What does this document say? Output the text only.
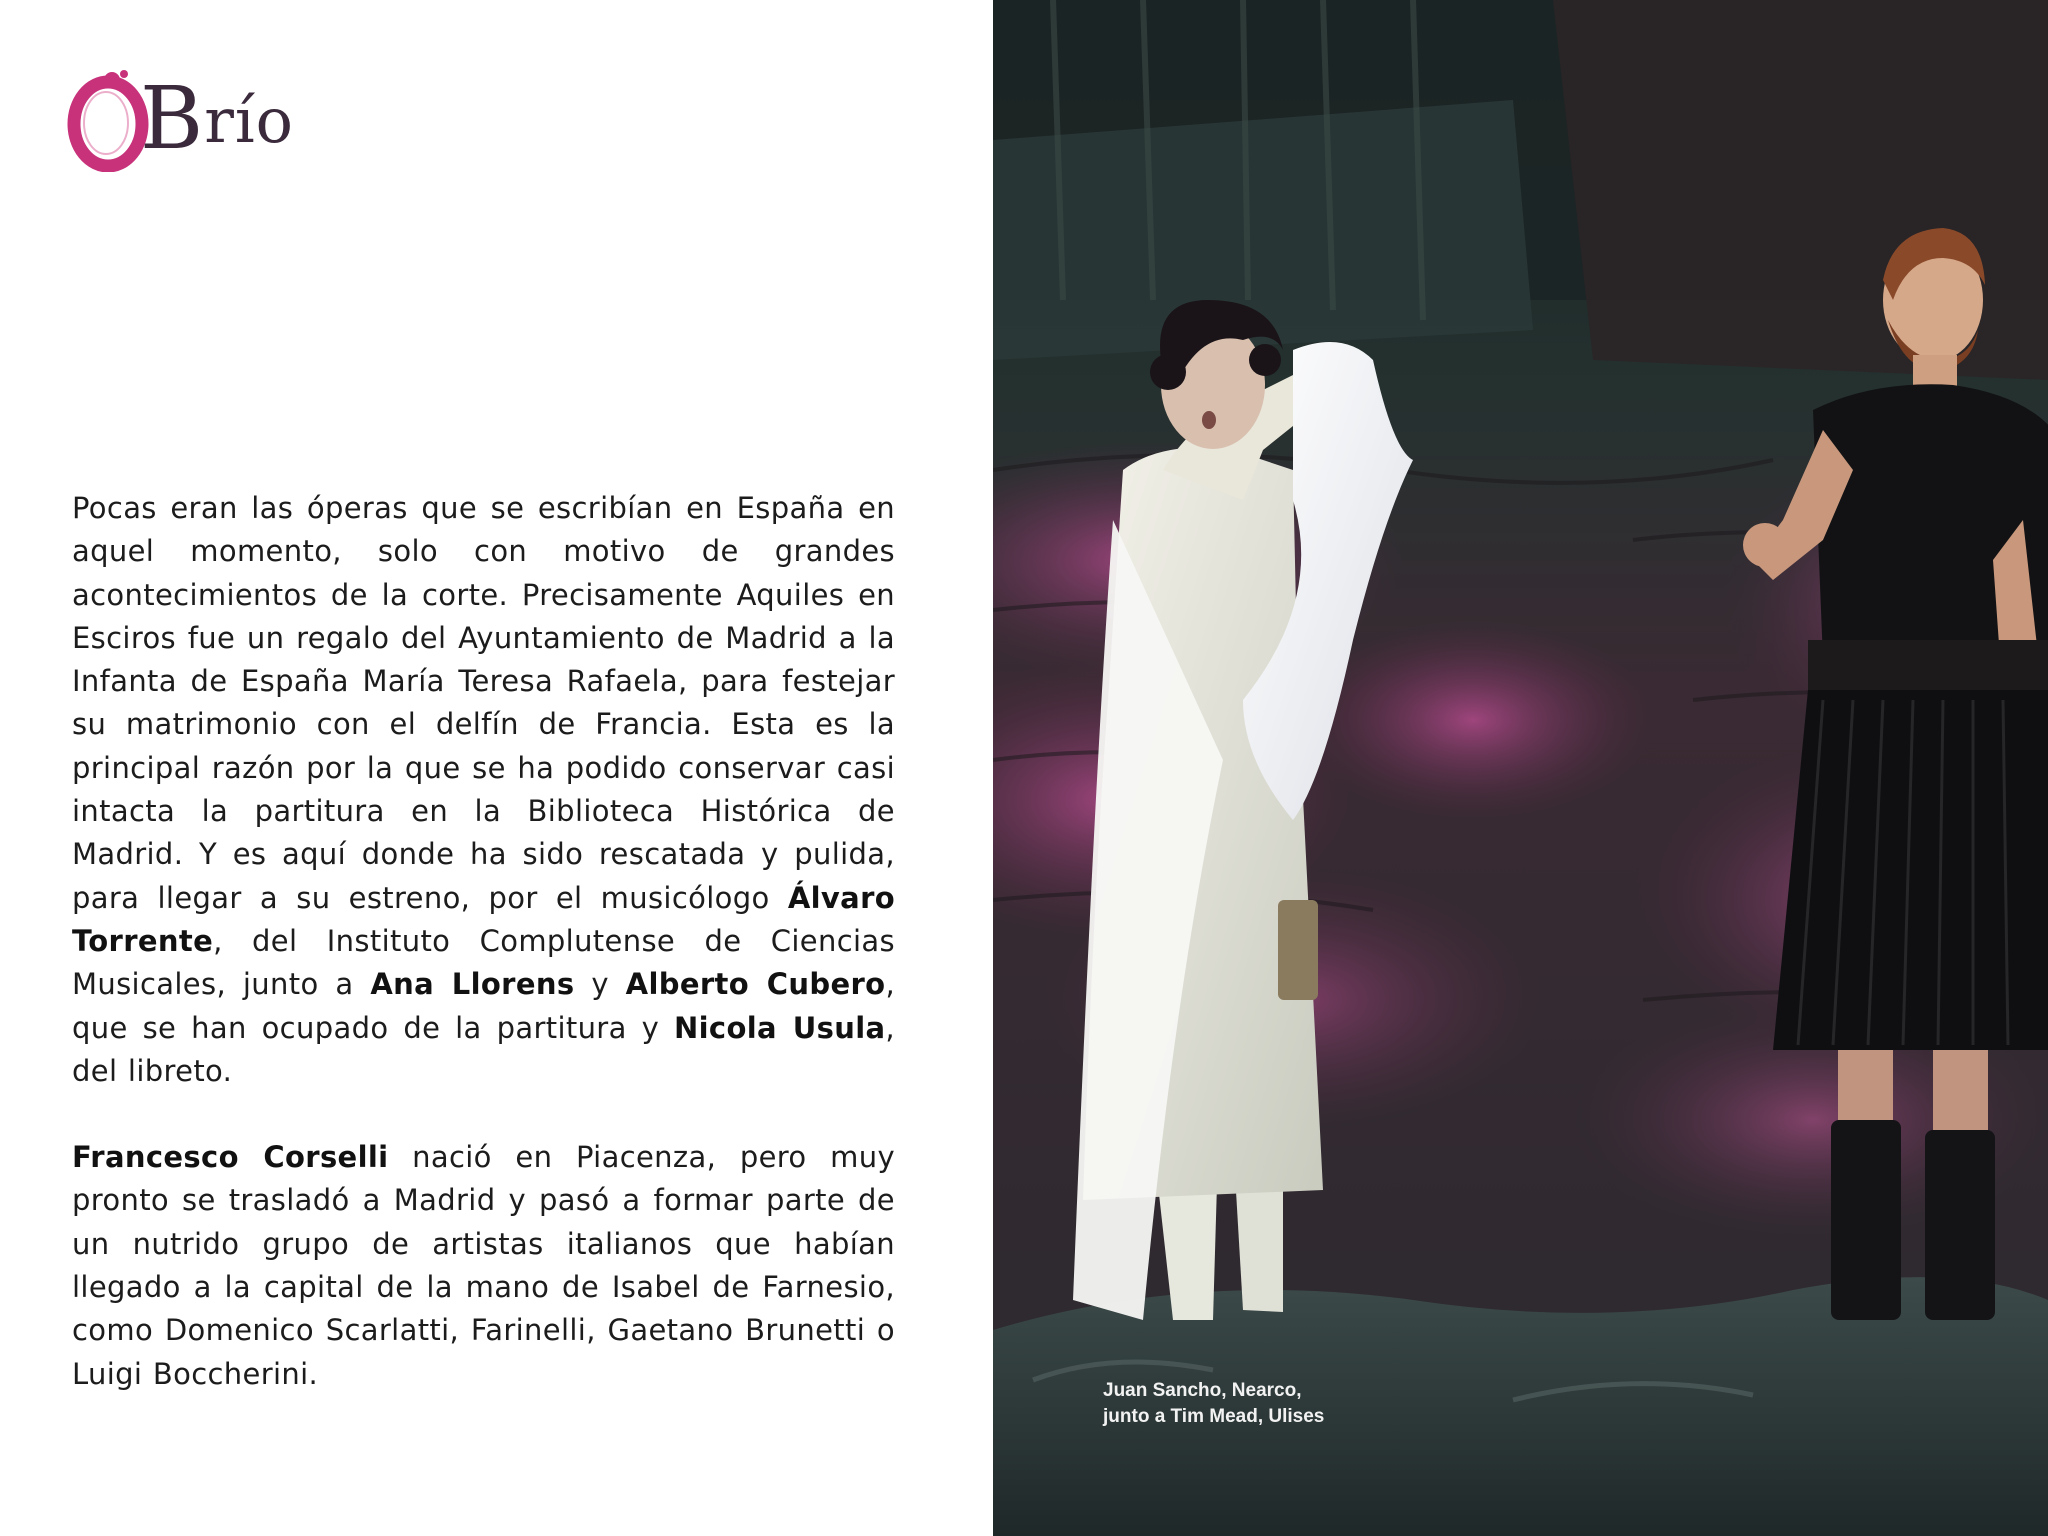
Brío

Pocas eran las óperas que se escribían en España en aquel momento, solo con motivo de grandes acontecimientos de la corte. Precisamente Aquiles en Esciros fue un regalo del Ayuntamiento de Madrid a la Infanta de España María Teresa Rafaela, para festejar su matrimonio con el delfín de Francia. Esta es la principal razón por la que se ha podido conservar casi intacta la partitura en la Biblioteca Histórica de Madrid. Y es aquí donde ha sido rescatada y pulida, para llegar a su estreno, por el musicólogo Álvaro Torrente, del Instituto Complutense de Ciencias Musicales, junto a Ana Llorens y Alberto Cubero, que se han ocupado de la partitura y Nicola Usula, del libreto.

Francesco Corselli nació en Piacenza, pero muy pronto se trasladó a Madrid y pasó a formar parte de un nutrido grupo de artistas italianos que habían llegado a la capital de la mano de Isabel de Farnesio, como Domenico Scarlatti, Farinelli, Gaetano Brunetti o Luigi Boccherini.	Juan Sancho, Nearco,
junto a Tim Mead, Ulises
